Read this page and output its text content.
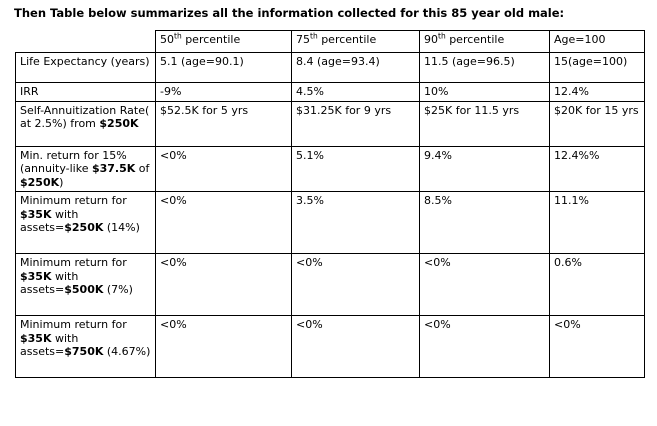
Then Table below summarizes all the information collected for this 85 year old male:

	50th percentile	75th percentile	90th percentile	Age=100
Life Expectancy (years)	5.1 (age=90.1)	8.4 (age=93.4)	11.5 (age=96.5)	15(age=100)
IRR	-9%	4.5%	10%	12.4%
Self-Annuitization Rate( at 2.5%) from $250K	$52.5K for 5 yrs	$31.25K for 9 yrs	$25K for 11.5 yrs	$20K for 15 yrs
Min. return for 15% (annuity-like $37.5K of $250K)	<0%	5.1%	9.4%	12.4%%
Minimum return for $35K with assets=$250K (14%)	<0%	3.5%	8.5%	11.1%
Minimum return for $35K with assets=$500K (7%)	<0%	<0%	<0%	0.6%
Minimum return for $35K with assets=$750K (4.67%)	<0%	<0%	<0%	<0%
